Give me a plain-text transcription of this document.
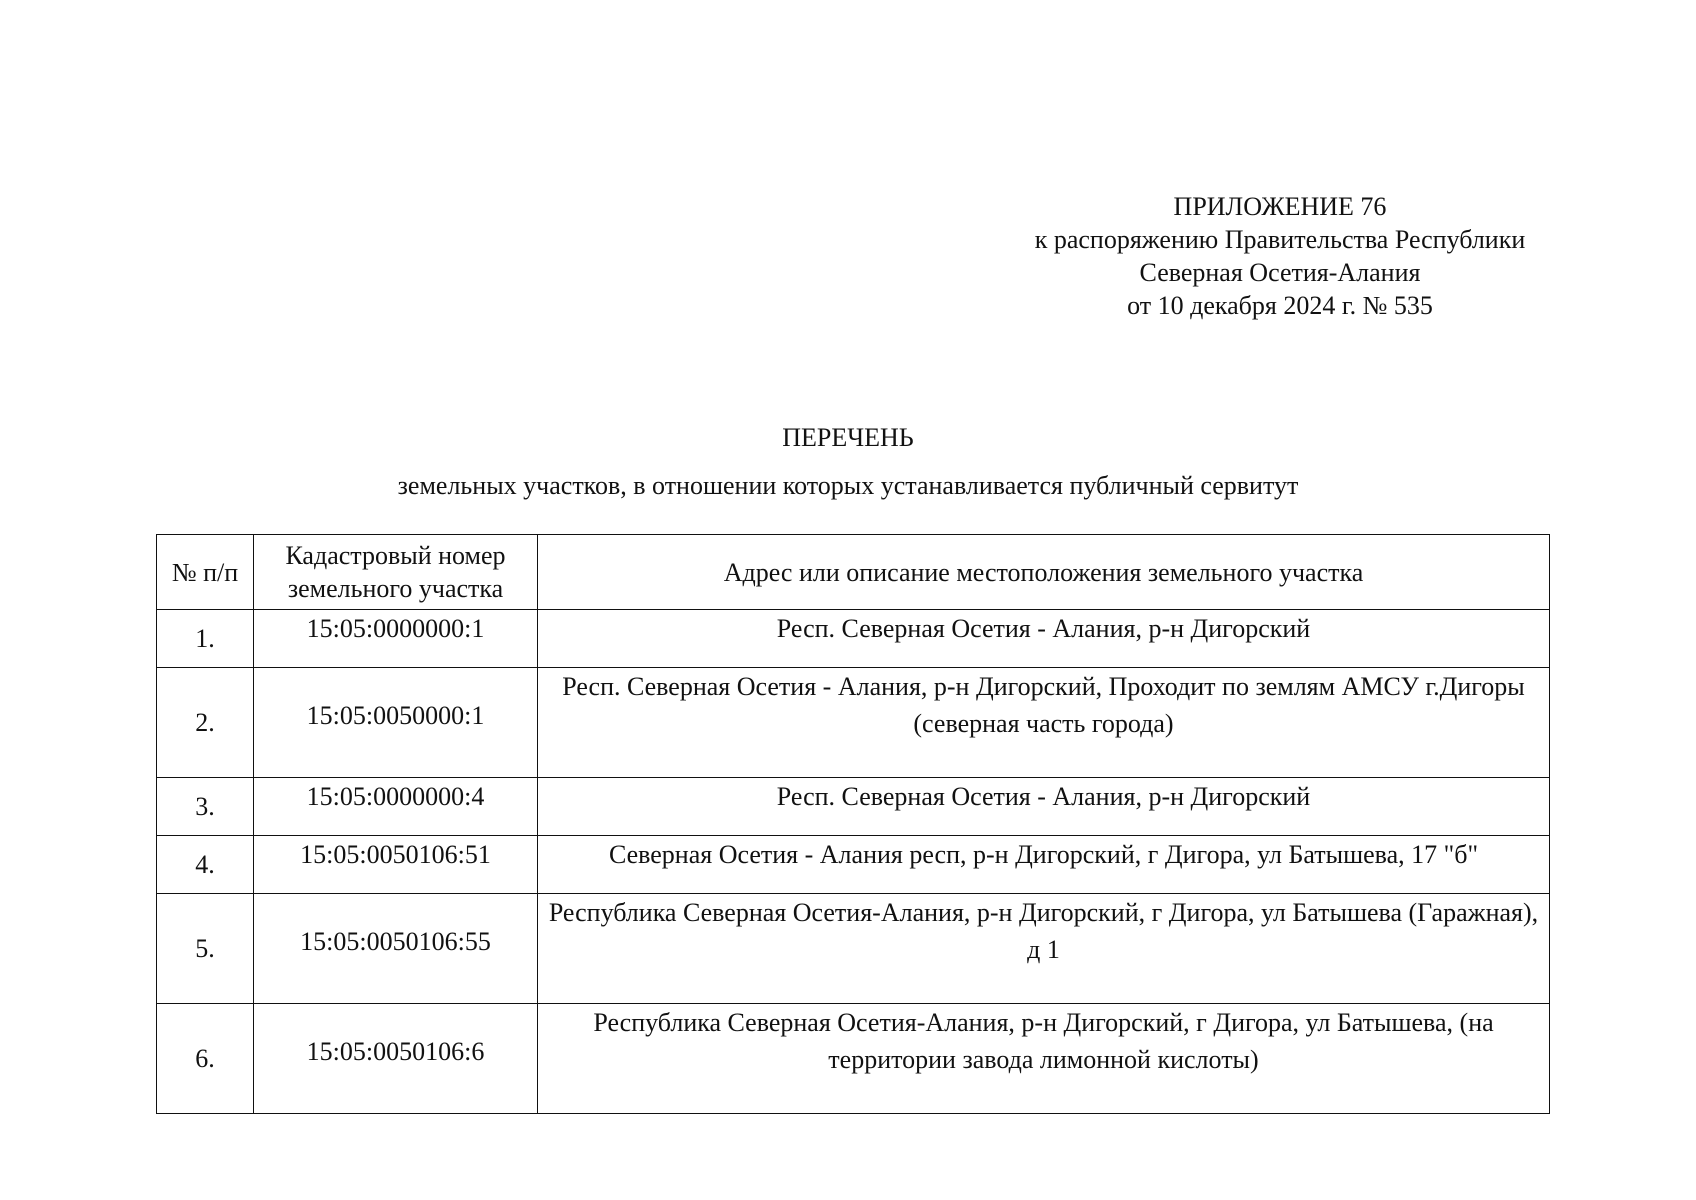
ПРИЛОЖЕНИЕ 76
к распоряжению Правительства Республики
Северная Осетия-Алания
от 10 декабря 2024 г. № 535
ПЕРЕЧЕНЬ
земельных участков, в отношении которых устанавливается публичный сервитут
№ п/п	Кадастровый номер земельного участка	Адрес или описание местоположения земельного участка
1.	15:05:0000000:1	Респ. Северная Осетия - Алания, р-н Дигорский
2.	15:05:0050000:1	Респ. Северная Осетия - Алания, р-н Дигорский, Проходит по землям АМСУ г.Дигоры (северная часть города)
3.	15:05:0000000:4	Респ. Северная Осетия - Алания, р-н Дигорский
4.	15:05:0050106:51	Северная Осетия - Алания респ, р-н Дигорский, г Дигора, ул Батышева, 17 "б"
5.	15:05:0050106:55	Республика Северная Осетия-Алания, р-н Дигорский, г Дигора, ул Батышева (Гаражная), д 1
6.	15:05:0050106:6	Республика Северная Осетия-Алания, р-н Дигорский, г Дигора, ул Батышева, (на территории завода лимонной кислоты)
